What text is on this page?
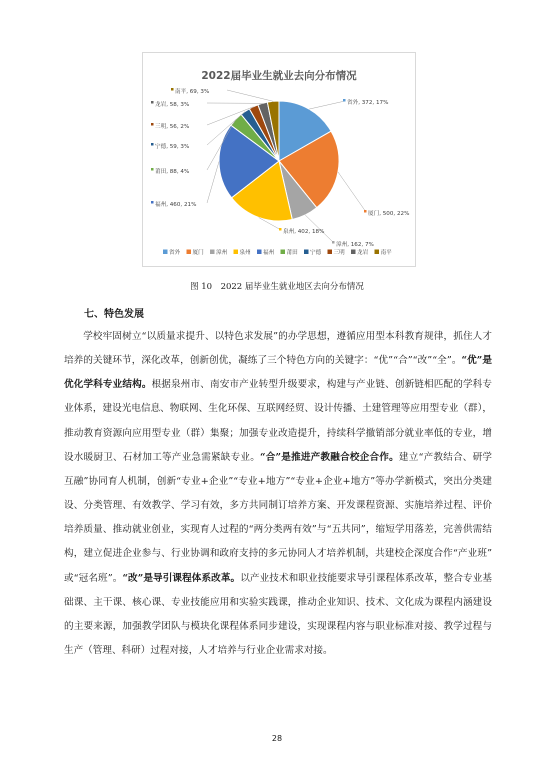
2022届毕业生就业去向分布情况
省外, 372, 17%
厦门, 500, 22%
漳州, 162, 7%
泉州, 402, 18%
福州, 460, 21%
莆田, 88, 4%
宁德, 59, 3%
三明, 56, 2%
龙岩, 58, 3%
南平, 69, 3%
省外 厦门 漳州 泉州 福州 莆田 宁德 三明 龙岩 南平
图 10　2022 届毕业生就业地区去向分布情况
七、特色发展

学校牢固树立“以质量求提升、以特色求发展”的办学思想，遵循应用型本科教育规律，抓住人才培养的关键环节，深化改革，创新创优，凝练了三个特色方向的关键字：“优”“合”“改”“全”。“优”是优化学科专业结构。根据泉州市、南安市产业转型升级要求，构建与产业链、创新链相匹配的学科专业体系，建设光电信息、物联网、生化环保、互联网经贸、设计传播、土建管理等应用型专业（群），推动教育资源向应用型专业（群）集聚；加强专业改造提升，持续科学撤销部分就业率低的专业，增设水暖厨卫、石材加工等产业急需紧缺专业。“合”是推进产教融合校企合作。建立“产教结合、研学互融”协同育人机制，创新“专业+企业”“专业+地方”“专业+企业+地方”等办学新模式，突出分类建设、分类管理、有效教学、学习有效，多方共同制订培养方案、开发课程资源、实施培养过程、评价培养质量、推动就业创业，实现育人过程的“两分类两有效”与“五共同”，缩短学用落差，完善供需结构，建立促进企业参与、行业协调和政府支持的多元协同人才培养机制，共建校企深度合作“产业班” 或“冠名班”。“改”是导引课程体系改革。以产业技术和职业技能要求导引课程体系改革，整合专业基础课、主干课、核心课、专业技能应用和实验实践课，推动企业知识、技术、文化成为课程内涵建设的主要来源，加强教学团队与模块化课程体系同步建设，实现课程内容与职业标准对接、教学过程与生产（管理、科研）过程对接，人才培养与行业企业需求对接。

28
